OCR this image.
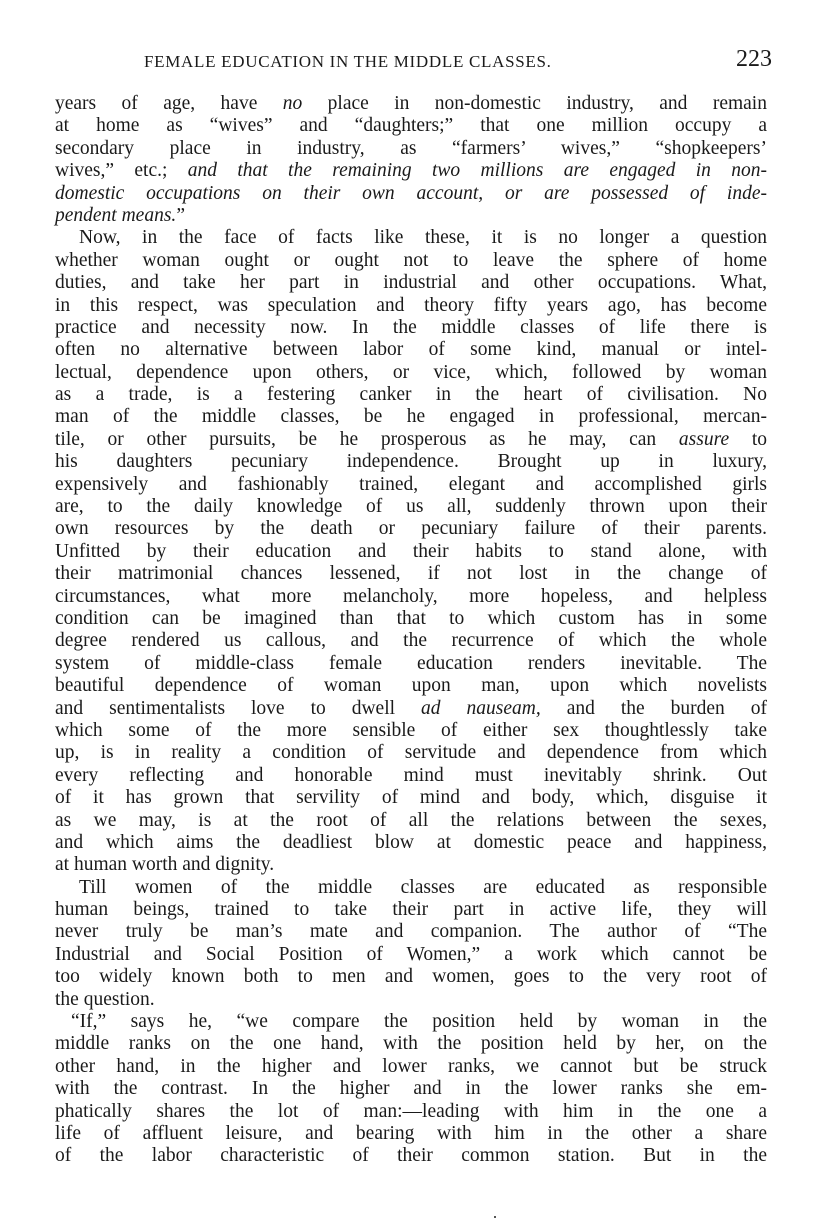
FEMALE EDUCATION IN THE MIDDLE CLASSES.	223
years of age, have no place in non-domestic industry, and remain
at home as “wives” and “daughters;” that one million occupy a
secondary place in industry, as “farmers’ wives,” “shopkeepers’
wives,” etc.; and that the remaining two millions are engaged in non-
domestic occupations on their own account, or are possessed of inde-
pendent means.”
Now, in the face of facts like these, it is no longer a question
whether woman ought or ought not to leave the sphere of home
duties, and take her part in industrial and other occupations. What,
in this respect, was speculation and theory fifty years ago, has become
practice and necessity now. In the middle classes of life there is
often no alternative between labor of some kind, manual or intel-
lectual, dependence upon others, or vice, which, followed by woman
as a trade, is a festering canker in the heart of civilisation. No
man of the middle classes, be he engaged in professional, mercan-
tile, or other pursuits, be he prosperous as he may, can assure to
his daughters pecuniary independence. Brought up in luxury,
expensively and fashionably trained, elegant and accomplished girls
are, to the daily knowledge of us all, suddenly thrown upon their
own resources by the death or pecuniary failure of their parents.
Unfitted by their education and their habits to stand alone, with
their matrimonial chances lessened, if not lost in the change of
circumstances, what more melancholy, more hopeless, and helpless
condition can be imagined than that to which custom has in some
degree rendered us callous, and the recurrence of which the whole
system of middle-class female education renders inevitable. The
beautiful dependence of woman upon man, upon which novelists
and sentimentalists love to dwell ad nauseam, and the burden of
which some of the more sensible of either sex thoughtlessly take
up, is in reality a condition of servitude and dependence from which
every reflecting and honorable mind must inevitably shrink. Out
of it has grown that servility of mind and body, which, disguise it
as we may, is at the root of all the relations between the sexes,
and which aims the deadliest blow at domestic peace and happiness,
at human worth and dignity.
Till women of the middle classes are educated as responsible
human beings, trained to take their part in active life, they will
never truly be man’s mate and companion. The author of “The
Industrial and Social Position of Women,” a work which cannot be
too widely known both to men and women, goes to the very root of
the question.
“If,” says he, “we compare the position held by woman in the
middle ranks on the one hand, with the position held by her, on the
other hand, in the higher and lower ranks, we cannot but be struck
with the contrast. In the higher and in the lower ranks she em-
phatically shares the lot of man:—leading with him in the one a
life of affluent leisure, and bearing with him in the other a share
of the labor characteristic of their common station. But in the
